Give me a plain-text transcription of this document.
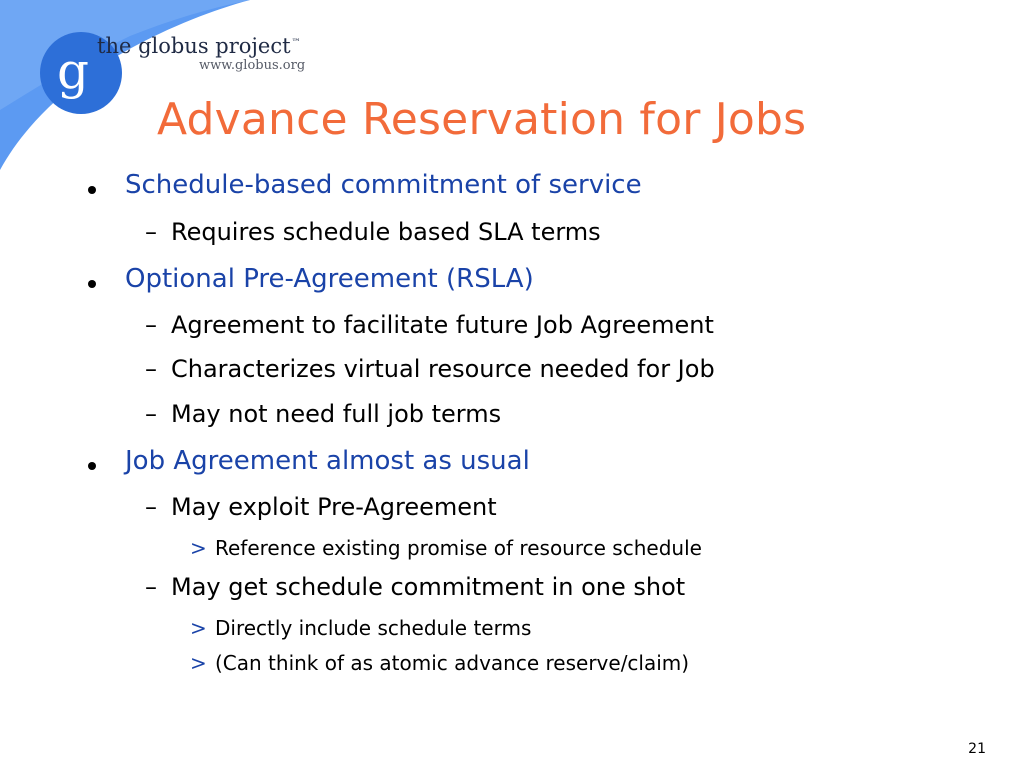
g the globus project™
www.globus.org
Advance Reservation for Jobs
Schedule-based commitment of service
– Requires schedule based SLA terms
Optional Pre-Agreement (RSLA)
– Agreement to facilitate future Job Agreement
– Characterizes virtual resource needed for Job
– May not need full job terms
Job Agreement almost as usual
– May exploit Pre-Agreement
> Reference existing promise of resource schedule
– May get schedule commitment in one shot
> Directly include schedule terms
> (Can think of as atomic advance reserve/claim)
21
